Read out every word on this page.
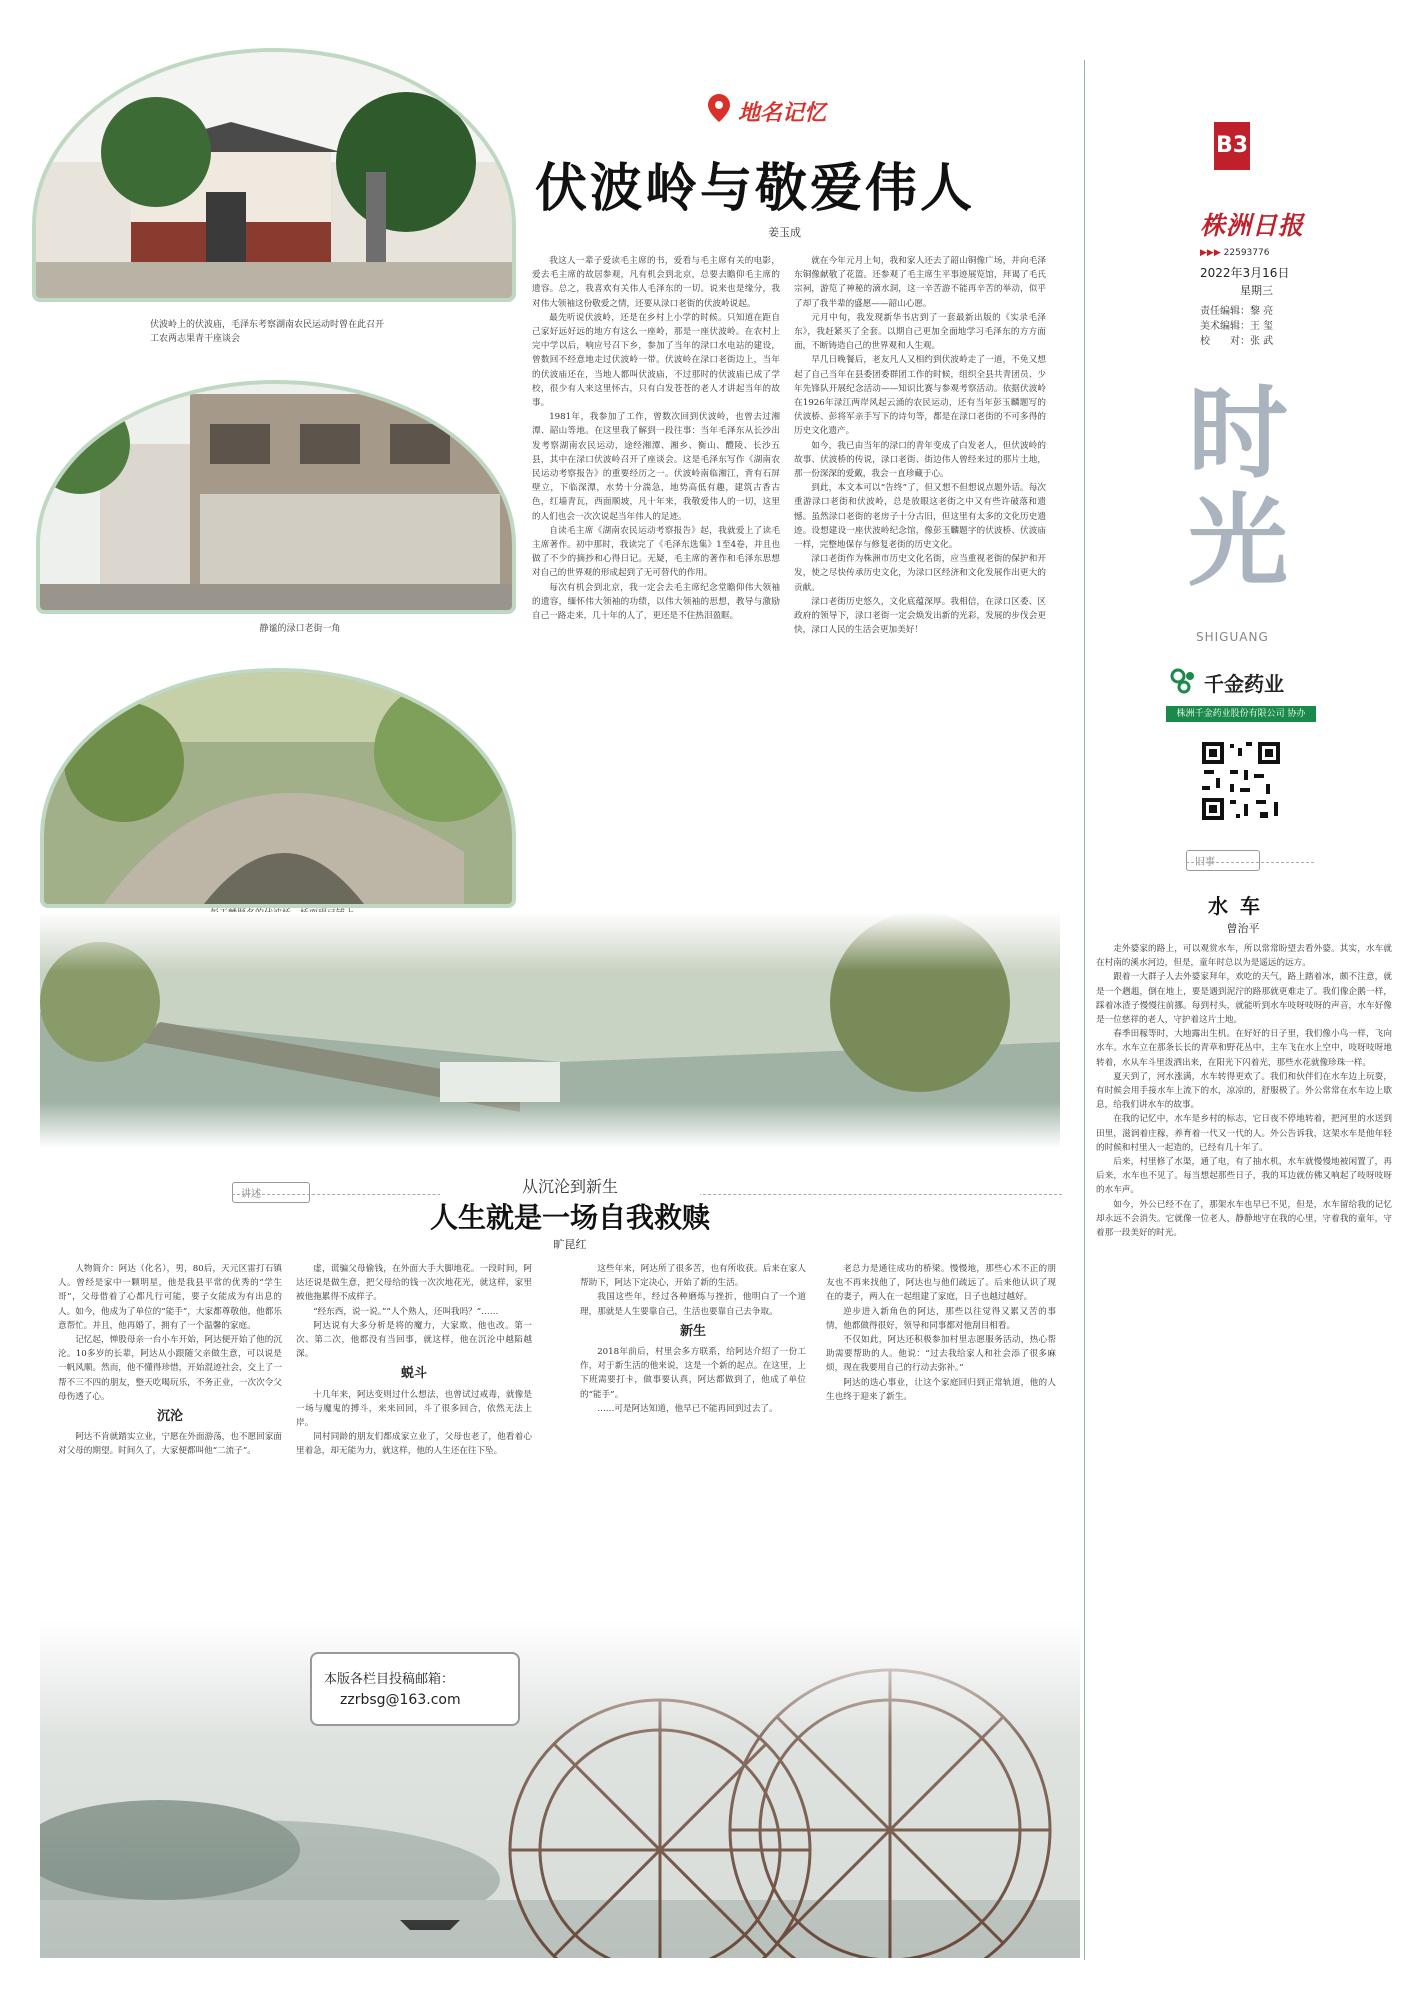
地名记忆
伏波岭与敬爱伟人
姜玉成
伏波岭上的伏波庙，毛泽东考察湖南农民运动时曾在此召开工农两志果青干座谈会
静谧的渌口老街一角

我这人一辈子爱读毛主席的书，爱看与毛主席有关的电影，爱去毛主席的故居参观，凡有机会到北京，总要去瞻仰毛主席的遗容。总之，我喜欢有关伟人毛泽东的一切。说来也是缘分，我对伟大领袖这份敬爱之情，还要从渌口老街的伏波岭说起。

最先听说伏波岭，还是在乡村上小学的时候。只知道在距自己家好远好远的地方有这么一座岭，那是一座伏波岭。在农村上完中学以后，响应号召下乡，参加了当年的渌口水电站的建设，曾数回不经意地走过伏波岭一带。伏波岭在渌口老街边上，当年的伏波庙还在，当地人都叫伏波庙，不过那时的伏波庙已成了学校，很少有人来这里怀古，只有白发苍苍的老人才讲起当年的故事。

1981年，我参加了工作，曾数次回到伏波岭，也曾去过湘潭、韶山等地。在这里我了解到一段往事：当年毛泽东从长沙出发考察湖南农民运动，途经湘潭、湘乡、衡山、醴陵、长沙五县，其中在渌口伏波岭召开了座谈会。这是毛泽东写作《湖南农民运动考察报告》的重要经历之一。伏波岭南临湘江，背有石屏壁立，下临深潭，水势十分湍急，地势高低有趣，建筑古香古色，红墙青瓦，西面顺坡，凡十年来，我敬爱伟人的一切，这里的人们也会一次次说起当年伟人的足迹。

自读毛主席《湖南农民运动考察报告》起，我就爱上了读毛主席著作。初中那时，我读完了《毛泽东选集》1至4卷，并且也做了不少的摘抄和心得日记。无疑，毛主席的著作和毛泽东思想对自己的世界观的形成起到了无可替代的作用。

每次有机会到北京，我一定会去毛主席纪念堂瞻仰伟大领袖的遗容，缅怀伟大领袖的功绩，以伟大领袖的思想，教导与激励自己一路走来，几十年的人了，更还是不住热泪盈眶。

就在今年元月上旬，我和家人还去了韶山铜像广场，并向毛泽东铜像献敬了花篮。还参观了毛主席生平事迹展览馆，拜谒了毛氏宗祠，游览了神秘的滴水洞，这一辛苦游不能再辛苦的举动，似乎了却了我半辈的盛愿——韶山心愿。

元月中旬，我发现新华书店到了一套最新出版的《实录毛泽东》，我赶紧买了全套。以期自己更加全面地学习毛泽东的方方面面，不断铸造自己的世界观和人生观。

早几日晚餐后，老友凡人又相约到伏波岭走了一道，不免又想起了自己当年在县委团委群团工作的时候，组织全县共青团员、少年先锋队开展纪念活动——知识比赛与参观考察活动。依据伏波岭在1926年渌江两岸风起云涌的农民运动，还有当年彭玉麟题写的伏波桥、彭将军亲手写下的诗句等，都是在渌口老街的不可多得的历史文化遗产。

如今，我已由当年的渌口的青年变成了白发老人，但伏波岭的故事、伏波桥的传说，渌口老街、街边伟人曾经来过的那片土地，那一份深深的爱戴，我会一直珍藏于心。

到此，本文本可以“告终”了，但又想不但想说点题外话。每次重游渌口老街和伏波岭，总是放眼这老街之中又有些许破落和遗憾。虽然渌口老街的老房子十分古旧，但这里有太多的文化历史遗迹。设想建设一座伏波岭纪念馆，像彭玉麟题字的伏波桥、伏波庙一样，完整地保存与修复老街的历史文化。

渌口老街作为株洲市历史文化名街，应当重视老街的保护和开发，使之尽快传承历史文化，为渌口区经济和文化发展作出更大的贡献。

渌口老街历史悠久，文化底蕴深厚。我相信，在渌口区委、区政府的领导下，渌口老街一定会焕发出新的光彩，发展的步伐会更快，渌口人民的生活会更加美好！

讲述	从沉沦到新生
人生就是一场自我救赎
旷昆红

人物简介：阿达（化名），男，80后，天元区雷打石镇人。曾经是家中一颗明星，他是我县平常的优秀的“学生哥”，父母借着了心都凡行可能，要子女能成为有出息的人。如今，他成为了单位的“能手”，大家都尊敬他，他都乐意帮忙。并且，他再婚了，拥有了一个温馨的家庭。

记忆起，惮股母亲一台小车开始，阿达便开始了他的沉沦。10多岁的长辈，阿达从小跟随父亲做生意，可以说是一帆风顺。然而，他不懂得珍惜，开始混迹社会，交上了一帮不三不四的朋友，整天吃喝玩乐，不务正业，一次次令父母伤透了心。

沉沦

阿达不肯就踏实立业，宁愿在外面游荡，也不愿回家面对父母的期望。时间久了，大家便都叫他“二流子”。

虚，谎骗父母偷钱，在外面大手大脚地花。一段时间，阿达还说是做生意，把父母给的钱一次次地花光，就这样，家里被他拖累得不成样子。

“经东西，说一说。”“人个熟人，还叫我吗？”……

阿达说有大多分析是将的魔力，大家欺、他也改。第一次、第二次，他都没有当回事，就这样，他在沉沦中越陷越深。

蜕斗

十几年来，阿达变则过什么想法，也曾试过戒毒，就像是一场与魔鬼的搏斗，来来回回，斗了很多回合，依然无法上岸。

同村同龄的朋友们都成家立业了，父母也老了，他看着心里着急，却无能为力，就这样，他的人生还在往下坠。

这些年来，阿达所了很多苦，也有所收获。后来在家人帮助下，阿达下定决心，开始了新的生活。

我国这些年，经过各种磨炼与挫折，他明白了一个道理，那就是人生要靠自己，生活也要靠自己去争取。

新生

2018年前后，村里会多方联系，给阿达介绍了一份工作，对于新生活的他来说，这是一个新的起点。在这里，上下班需要打卡，做事要认真，阿达都做到了，他成了单位的“能手”。

……可是阿达知道，他早已不能再回到过去了。

老总力是通往成功的桥梁。慢慢地，那些心术不正的朋友也不再来找他了，阿达也与他们疏远了。后来他认识了现在的妻子，两人在一起组建了家庭，日子也越过越好。

逆步进入新角色的阿达，那些以往觉得又累又苦的事情，他都做得很好，领导和同事都对他刮目相看。

不仅如此，阿达还积极参加村里志愿服务活动，热心帮助需要帮助的人。他说：“过去我给家人和社会添了很多麻烦，现在我要用自己的行动去弥补。”

阿达的迭心事业，让这个家庭回归到正常轨道，他的人生也终于迎来了新生。

本版各栏目投稿邮箱：
zzrbsg@163.com
B3
株洲日报
▶▶▶ 22593776
2022年3月16日
星期三
责任编辑：黎 亮
美术编辑：王 玺
校　　对：张 武
时光
SHIGUANG
千金药业
株洲千金药业股份有限公司 协办
旧事
水车
曾治平

走外婆家的路上，可以观赏水车，所以常常盼望去看外婆。其实，水车就在村南的溪水河边，但是，童年时总以为是遥远的远方。

跟着一大群子人去外婆家拜年，欢吃的天气，路上踏着冰，颇不注意，就是一个趔趄，倒在地上，要是遇到泥泞的路那就更难走了。我们像企鹅一样，踩着冰渣子慢慢往前挪。每到村头，就能听到水车吱呀吱呀的声音，水车好像是一位慈祥的老人，守护着这片土地。

春季田稼等时，大地露出生机。在好好的日子里，我们像小鸟一样，飞向水车。水车立在那条长长的青草和野花丛中，主车飞在水上空中，吱呀吱呀地转着，水从车斗里泼洒出来，在阳光下闪着光，那些水花就像珍珠一样。

夏天到了，河水涨满，水车转得更欢了。我们和伙伴们在水车边上玩耍，有时候会用手接水车上流下的水，凉凉的，舒服极了。外公常常在水车边上歇息，给我们讲水车的故事。

在我的记忆中，水车是乡村的标志，它日夜不停地转着，把河里的水送到田里，滋润着庄稼，养育着一代又一代的人。外公告诉我，这架水车是他年轻的时候和村里人一起造的，已经有几十年了。

后来，村里修了水渠，通了电，有了抽水机，水车就慢慢地被闲置了，再后来，水车也不见了。每当想起那些日子，我的耳边就仿佛又响起了吱呀吱呀的水车声。

如今，外公已经不在了，那架水车也早已不见，但是，水车留给我的记忆却永远不会消失。它就像一位老人，静静地守在我的心里，守着我的童年，守着那一段美好的时光。
